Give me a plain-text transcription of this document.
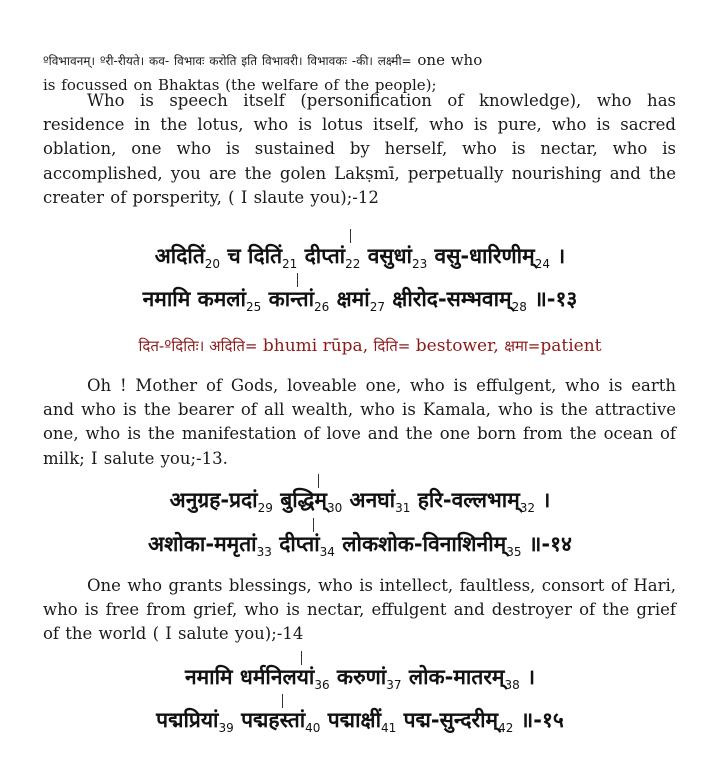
ºविभावनम्। ºरी-रीयते। कव- विभावः करोति इति विभावरी। विभावकः -की। लक्ष्मी= one who
is focussed on Bhaktas (the welfare of the people);

Who is speech itself (personification of knowledge), who has residence in the lotus, who is lotus itself, who is pure, who is sacred oblation, one who is sustained by herself, who is nectar, who is accomplished, you are the golen Lakṣmī, perpetually nourishing and the creater of porsperity, ( I slaute you);-12

$अदितिं_{20}$ च $दितिं_{21}$ $दीप्तां_{22}$ $वसुधां_{23}$ $वसु-धारिणीम्_{24}$ ।
नमामि $कमलां_{25}$ $कान्तां_{26}$ $क्षमां_{27}$ $क्षीरोद-सम्भवाम्_{28}$ ॥-१३
दित-ºदितिः। अदिति= bhumi rūpa, दिति= bestower, क्षमा=patient

Oh ! Mother of Gods, loveable one, who is effulgent, who is earth and who is the bearer of all wealth, who is Kamala, who is the attractive one, who is the manifestation of love and the one born from the ocean of milk; I salute you;-13.

$अनुग्रह-प्रदां_{29}$ $बुद्धिम्_{30}$ $अनघां_{31}$ $हरि-वल्लभाम्_{32}$ ।
$अशोका-ममृतां_{33}$ $दीप्तां_{34}$ $लोकशोक-विनाशिनीम्_{35}$ ॥-१४

One who grants blessings, who is intellect, faultless, consort of Hari, who is free from grief, who is nectar, effulgent and destroyer of the grief of the world ( I salute you);-14

नमामि $धर्मनिलयां_{36}$ $करुणां_{37}$ $लोक-मातरम्_{38}$ ।
$पद्मप्रियां_{39}$ $पद्महस्तां_{40}$ $पद्माक्षीं_{41}$ $पद्म-सुन्दरीम्_{42}$ ॥-१५
